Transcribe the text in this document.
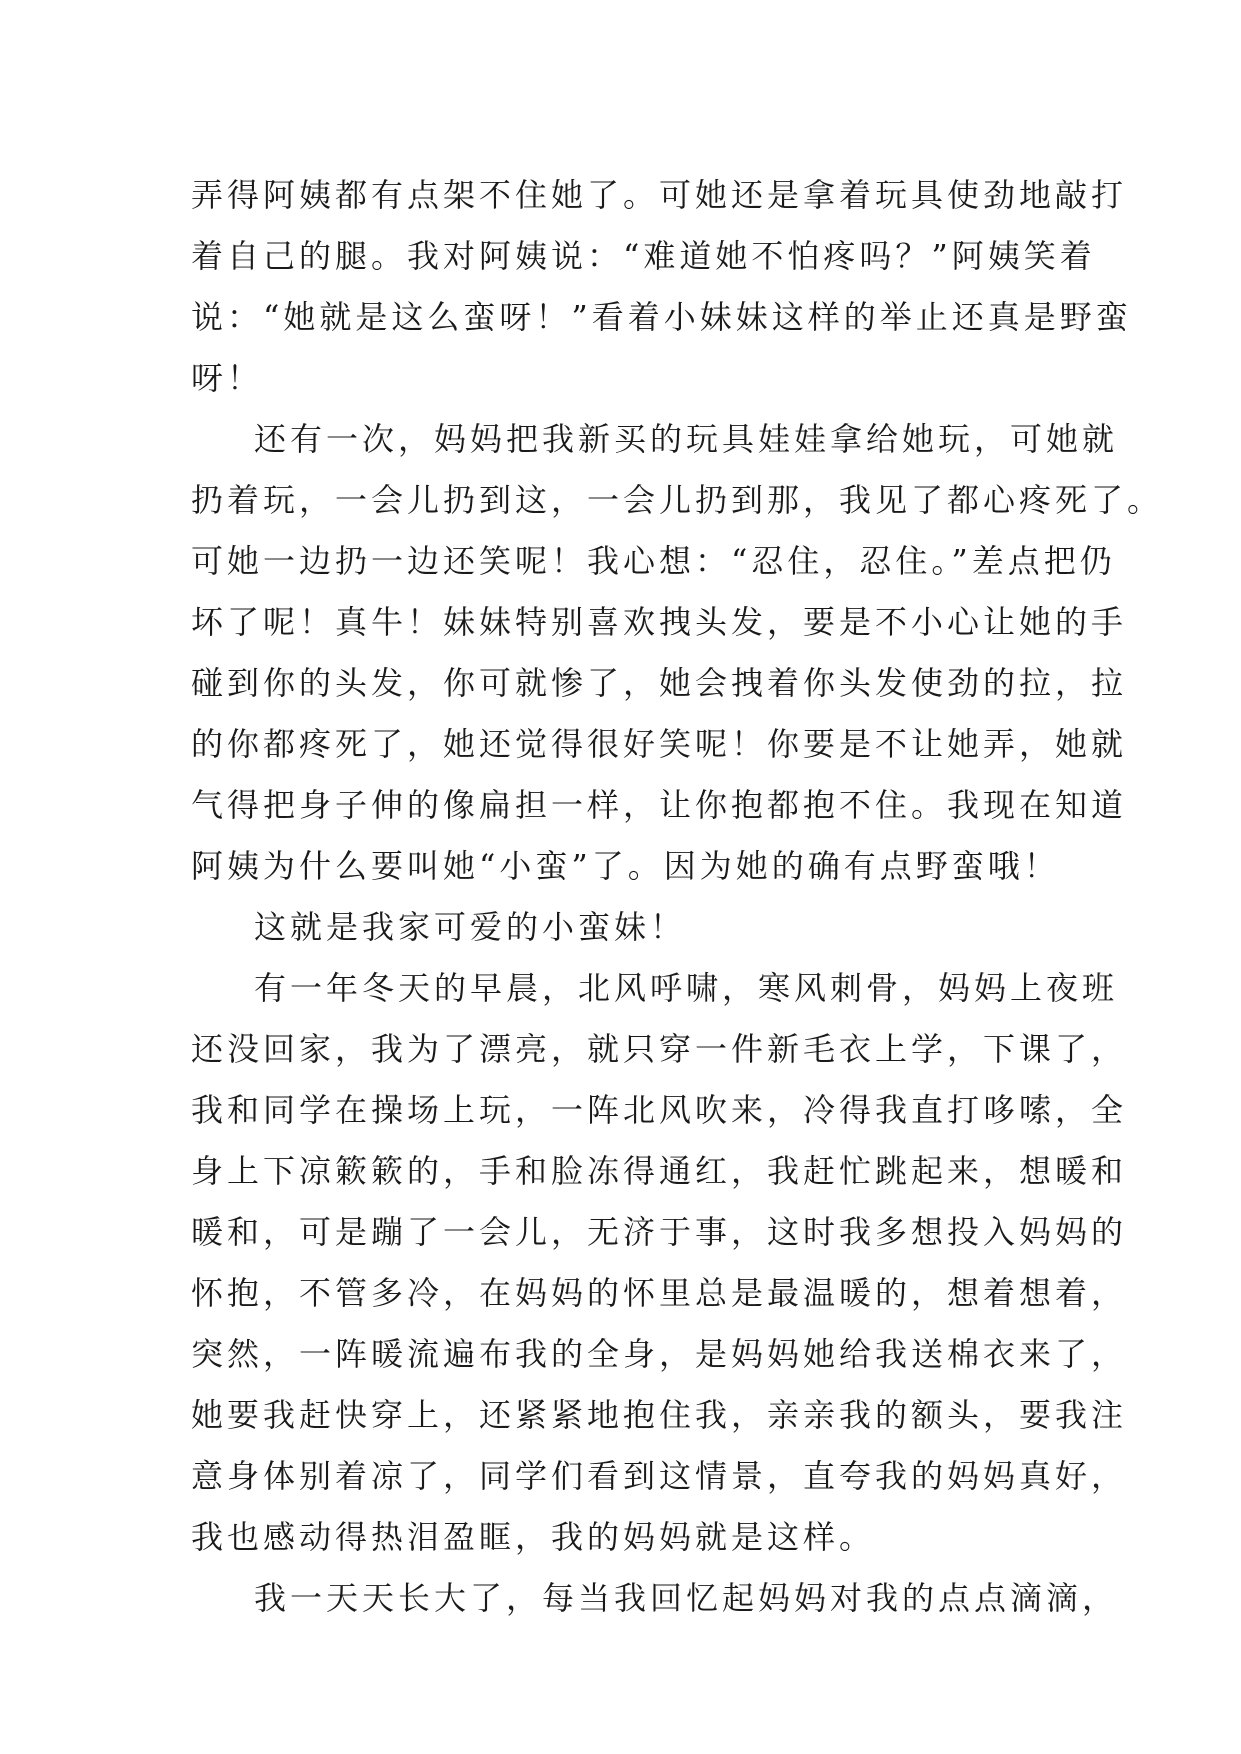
弄得阿姨都有点架不住她了。可她还是拿着玩具使劲地敲打
着自己的腿。我对阿姨说：“难道她不怕疼吗？”阿姨笑着
说：“她就是这么蛮呀！”看着小妹妹这样的举止还真是野蛮
呀！
还有一次，妈妈把我新买的玩具娃娃拿给她玩，可她就
扔着玩，一会儿扔到这，一会儿扔到那，我见了都心疼死了。
可她一边扔一边还笑呢！我心想：“忍住，忍住。”差点把仍
坏了呢！真牛！妹妹特别喜欢拽头发，要是不小心让她的手
碰到你的头发，你可就惨了，她会拽着你头发使劲的拉，拉
的你都疼死了，她还觉得很好笑呢！你要是不让她弄，她就
气得把身子伸的像扁担一样，让你抱都抱不住。我现在知道
阿姨为什么要叫她“小蛮”了。因为她的确有点野蛮哦！
这就是我家可爱的小蛮妹！
有一年冬天的早晨，北风呼啸，寒风刺骨，妈妈上夜班
还没回家，我为了漂亮，就只穿一件新毛衣上学，下课了，
我和同学在操场上玩，一阵北风吹来，冷得我直打哆嗦，全
身上下凉簌簌的，手和脸冻得通红，我赶忙跳起来，想暖和
暖和，可是蹦了一会儿，无济于事，这时我多想投入妈妈的
怀抱，不管多冷，在妈妈的怀里总是最温暖的，想着想着，
突然，一阵暖流遍布我的全身，是妈妈她给我送棉衣来了，
她要我赶快穿上，还紧紧地抱住我，亲亲我的额头，要我注
意身体别着凉了，同学们看到这情景，直夸我的妈妈真好，
我也感动得热泪盈眶，我的妈妈就是这样。
我一天天长大了，每当我回忆起妈妈对我的点点滴滴，
